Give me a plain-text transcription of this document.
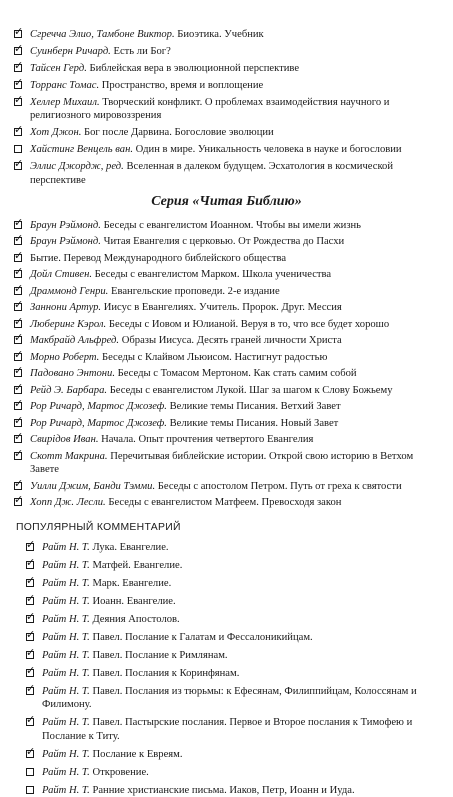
✓
Сгречча Элио, Тамбоне Виктор. Биоэтика. Учебник
✓
Суинберн Ричард. Есть ли Бог?
✓
Тайсен Герд. Библейская вера в эволюционной перспективе
✓
Торранс Томас. Пространство, время и воплощение
✓
Хеллер Михаил. Творческий конфликт. О проблемах взаимодействия научного и религиозного мировоззрения
✓
Хот Джон. Бог после Дарвина. Богословие эволюции
Хайстинг Венцель ван. Один в мире. Уникальность человека в науке и богословии
✓
Эллис Джордж, ред. Вселенная в далеком будущем. Эсхатология в космической перспективе
Серия «Читая Библию»
✓
Браун Рэймонд. Беседы с евангелистом Иоанном. Чтобы вы имели жизнь
✓
Браун Рэймонд. Читая Евангелия с церковью. От Рождества до Пасхи
✓
Бытие. Перевод Международного библейского общества
✓
Дойл Стивен. Беседы с евангелистом Марком. Школа ученичества
✓
Драммонд Генри. Евангельские проповеди. 2-е издание
✓
Заннони Артур. Иисус в Евангелиях. Учитель. Пророк. Друг. Мессия
✓
Люберинг Кэрол. Беседы с Иовом и Юлианой. Веруя в то, что все будет хорошо
✓
Макбрайд Альфред. Образы Иисуса. Десять граней личности Христа
✓
Морно Роберт. Беседы с Клайвом Льюисом. Настигнут радостью
✓
Падовано Энтони. Беседы с Томасом Мертоном. Как стать самим собой
✓
Рейд Э. Барбара. Беседы с евангелистом Лукой. Шаг за шагом к Слову Божьему
✓
Рор Ричард, Мартос Джозеф. Великие темы Писания. Ветхий Завет
✓
Рор Ричард, Мартос Джозеф. Великие темы Писания. Новый Завет
✓
Свирідов Иван. Начала. Опыт прочтения четвертого Евангелия
✓
Скотт Макрина. Перечитывая библейские истории. Открой свою историю в Ветхом Завете
✓
Уилли Джим, Банди Тэмми. Беседы с апостолом Петром. Путь от греха к святости
✓
Хопп Дж. Лесли. Беседы с евангелистом Матфеем. Превосходя закон
ПОПУЛЯРНЫЙ КОММЕНТАРИЙ
✓
Райт Н. Т. Лука. Евангелие.
✓
Райт Н. Т. Матфей. Евангелие.
✓
Райт Н. Т. Марк. Евангелие.
✓
Райт Н. Т. Иоанн. Евангелие.
✓
Райт Н. Т. Деяния Апостолов.
✓
Райт Н. Т. Павел. Послание к Галатам и Фессалоникийцам.
✓
Райт Н. Т. Павел. Послание к Римлянам.
✓
Райт Н. Т. Павел. Послания к Коринфянам.
✓
Райт Н. Т. Павел. Послания из тюрьмы: к Ефесянам, Филиппийцам, Колоссянам и Филимону.
✓
Райт Н. Т. Павел. Пастырские послания. Первое и Второе послания к Тимофею и Послание к Титу.
✓
Райт Н. Т. Послание к Евреям.
Райт Н. Т. Откровение.
Райт Н. Т. Ранние христианские письма. Иаков, Петр, Иоанн и Иуда.
